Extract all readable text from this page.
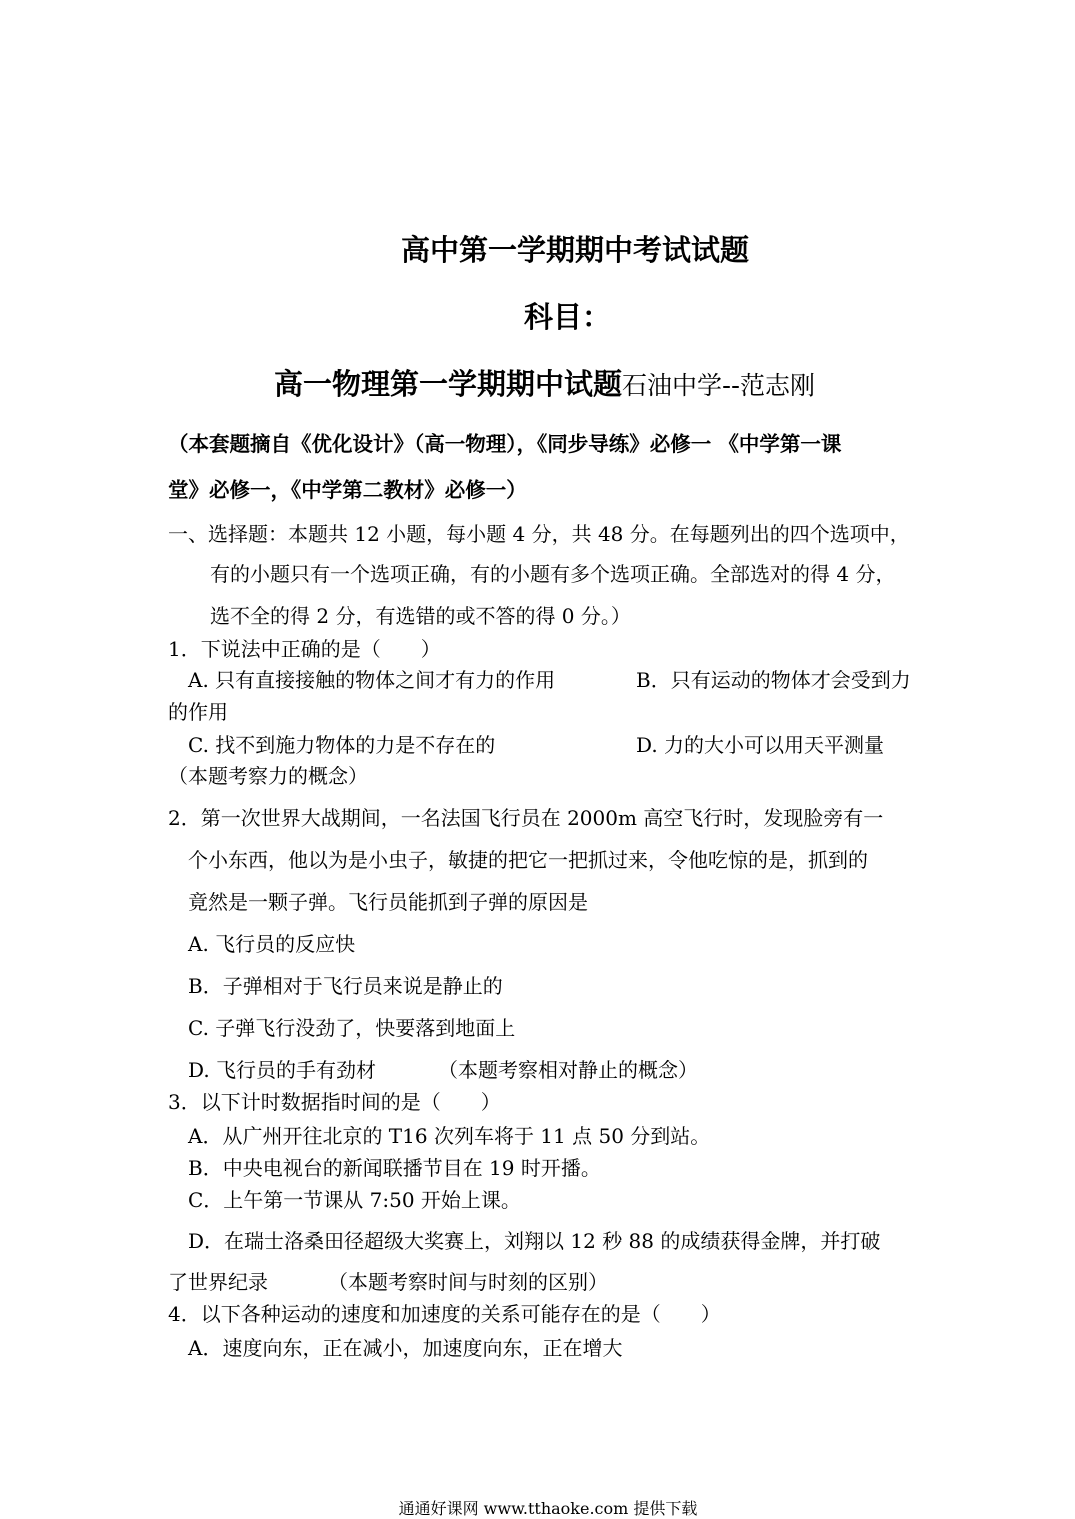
高中第一学期期中考试试题
科目：
高一物理第一学期期中试题石油中学--范志刚
（本套题摘自《优化设计》（高一物理），《同步导练》必修一 《中学第一课
堂》必修一，《中学第二教材》必修一）
一、选择题：本题共 12 小题，每小题 4 分，共 48 分。在每题列出的四个选项中，
有的小题只有一个选项正确，有的小题有多个选项正确。全部选对的得 4 分，
选不全的得 2 分，有选错的或不答的得 0 分。）
1．下说法中正确的是（　　）
A. 只有直接接触的物体之间才有力的作用	B．只有运动的物体才会受到力
的作用
C. 找不到施力物体的力是不存在的	D. 力的大小可以用天平测量
（本题考察力的概念）
2．第一次世界大战期间，一名法国飞行员在 2000m 高空飞行时，发现脸旁有一
个小东西，他以为是小虫子，敏捷的把它一把抓过来，令他吃惊的是，抓到的
竟然是一颗子弹。飞行员能抓到子弹的原因是
A. 飞行员的反应快
B．子弹相对于飞行员来说是静止的
C. 子弹飞行没劲了，快要落到地面上
D. 飞行员的手有劲材	（本题考察相对静止的概念）
3．以下计时数据指时间的是（　　）
A．从广州开往北京的 T16 次列车将于 11 点 50 分到站。
B．中央电视台的新闻联播节目在 19 时开播。
C．上午第一节课从 7:50 开始上课。
D．在瑞士洛桑田径超级大奖赛上，刘翔以 12 秒 88 的成绩获得金牌，并打破
了世界纪录	（本题考察时间与时刻的区别）
4．以下各种运动的速度和加速度的关系可能存在的是（　　）
A．速度向东，正在减小，加速度向东，正在增大
通通好课网 www.tthaoke.com 提供下载
